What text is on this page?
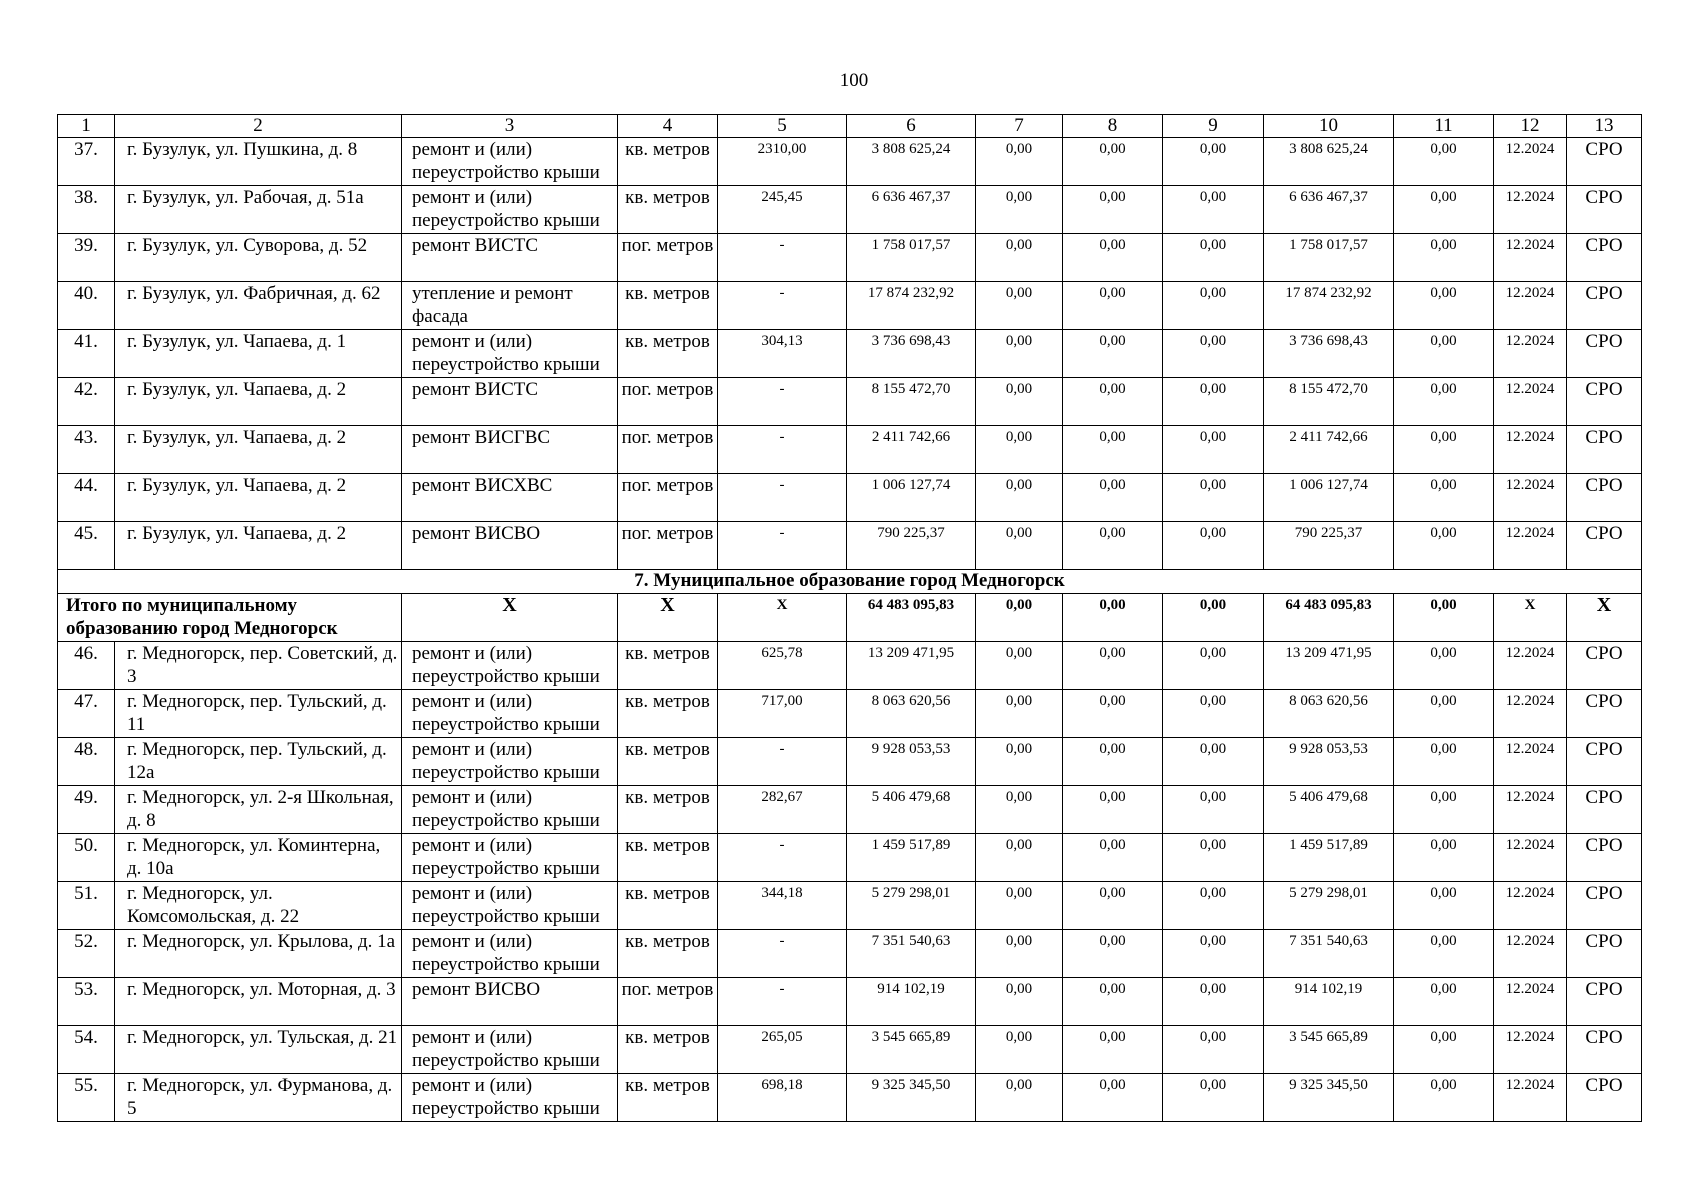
100
1	2	3	4	5	6	7	8	9	10	11	12	13
37.	г. Бузулук, ул. Пушкина, д. 8	ремонт и (или) переустройство крыши	кв. метров	2310,00	3 808 625,24	0,00	0,00	0,00	3 808 625,24	0,00	12.2024	СРО
38.	г. Бузулук, ул. Рабочая, д. 51а	ремонт и (или) переустройство крыши	кв. метров	245,45	6 636 467,37	0,00	0,00	0,00	6 636 467,37	0,00	12.2024	СРО
39.	г. Бузулук, ул. Суворова, д. 52	ремонт ВИСТС	пог. метров	-	1 758 017,57	0,00	0,00	0,00	1 758 017,57	0,00	12.2024	СРО
40.	г. Бузулук, ул. Фабричная, д. 62	утепление и ремонт фасада	кв. метров	-	17 874 232,92	0,00	0,00	0,00	17 874 232,92	0,00	12.2024	СРО
41.	г. Бузулук, ул. Чапаева, д. 1	ремонт и (или) переустройство крыши	кв. метров	304,13	3 736 698,43	0,00	0,00	0,00	3 736 698,43	0,00	12.2024	СРО
42.	г. Бузулук, ул. Чапаева, д. 2	ремонт ВИСТС	пог. метров	-	8 155 472,70	0,00	0,00	0,00	8 155 472,70	0,00	12.2024	СРО
43.	г. Бузулук, ул. Чапаева, д. 2	ремонт ВИСГВС	пог. метров	-	2 411 742,66	0,00	0,00	0,00	2 411 742,66	0,00	12.2024	СРО
44.	г. Бузулук, ул. Чапаева, д. 2	ремонт ВИСХВС	пог. метров	-	1 006 127,74	0,00	0,00	0,00	1 006 127,74	0,00	12.2024	СРО
45.	г. Бузулук, ул. Чапаева, д. 2	ремонт ВИСВО	пог. метров	-	790 225,37	0,00	0,00	0,00	790 225,37	0,00	12.2024	СРО
7. Муниципальное образование город Медногорск												
Итого по муниципальному образованию город Медногорск		Х	Х	Х	64 483 095,83	0,00	0,00	0,00	64 483 095,83	0,00	Х	Х
46.	г. Медногорск, пер. Советский, д. 3	ремонт и (или) переустройство крыши	кв. метров	625,78	13 209 471,95	0,00	0,00	0,00	13 209 471,95	0,00	12.2024	СРО
47.	г. Медногорск, пер. Тульский, д. 11	ремонт и (или) переустройство крыши	кв. метров	717,00	8 063 620,56	0,00	0,00	0,00	8 063 620,56	0,00	12.2024	СРО
48.	г. Медногорск, пер. Тульский, д. 12а	ремонт и (или) переустройство крыши	кв. метров	-	9 928 053,53	0,00	0,00	0,00	9 928 053,53	0,00	12.2024	СРО
49.	г. Медногорск, ул. 2-я Школьная, д. 8	ремонт и (или) переустройство крыши	кв. метров	282,67	5 406 479,68	0,00	0,00	0,00	5 406 479,68	0,00	12.2024	СРО
50.	г. Медногорск, ул. Коминтерна, д. 10а	ремонт и (или) переустройство крыши	кв. метров	-	1 459 517,89	0,00	0,00	0,00	1 459 517,89	0,00	12.2024	СРО
51.	г. Медногорск, ул. Комсомольская, д. 22	ремонт и (или) переустройство крыши	кв. метров	344,18	5 279 298,01	0,00	0,00	0,00	5 279 298,01	0,00	12.2024	СРО
52.	г. Медногорск, ул. Крылова, д. 1а	ремонт и (или) переустройство крыши	кв. метров	-	7 351 540,63	0,00	0,00	0,00	7 351 540,63	0,00	12.2024	СРО
53.	г. Медногорск, ул. Моторная, д. 3	ремонт ВИСВО	пог. метров	-	914 102,19	0,00	0,00	0,00	914 102,19	0,00	12.2024	СРО
54.	г. Медногорск, ул. Тульская, д. 21	ремонт и (или) переустройство крыши	кв. метров	265,05	3 545 665,89	0,00	0,00	0,00	3 545 665,89	0,00	12.2024	СРО
55.	г. Медногорск, ул. Фурманова, д. 5	ремонт и (или) переустройство крыши	кв. метров	698,18	9 325 345,50	0,00	0,00	0,00	9 325 345,50	0,00	12.2024	СРО
